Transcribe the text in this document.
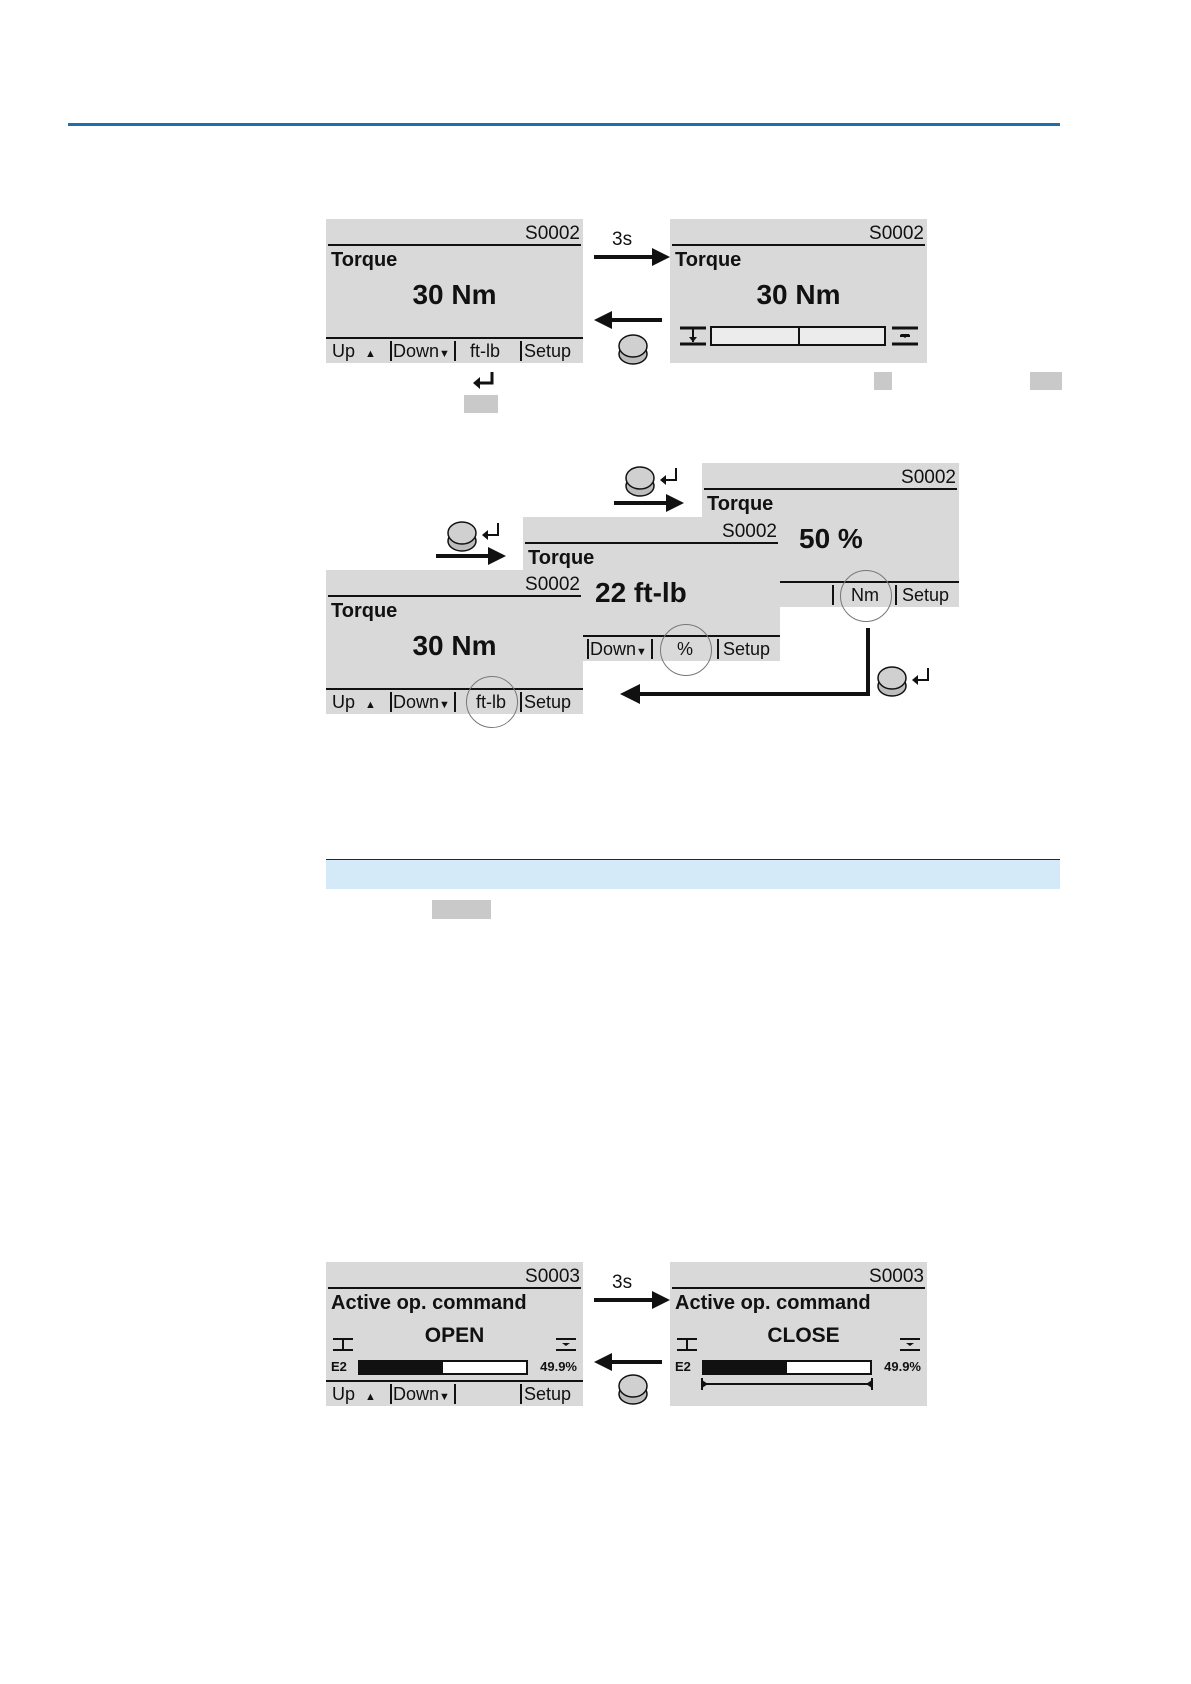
S0002
Torque
30 Nm
Up ▲ Down▼ ft-lb Setup
3s	S0002
Torque
30 Nm
S0002
Torque
50 %
Nm Setup
S0002
Torque
22 ft-lb
Down▼ % Setup
S0002
Torque
30 Nm
Up ▲ Down▼ ft-lb Setup
S0003
Active op. command
OPEN
E2	49.9%
Up ▲ Down▼	Setup
3s	S0003
Active op. command
CLOSE
E2	49.9%
